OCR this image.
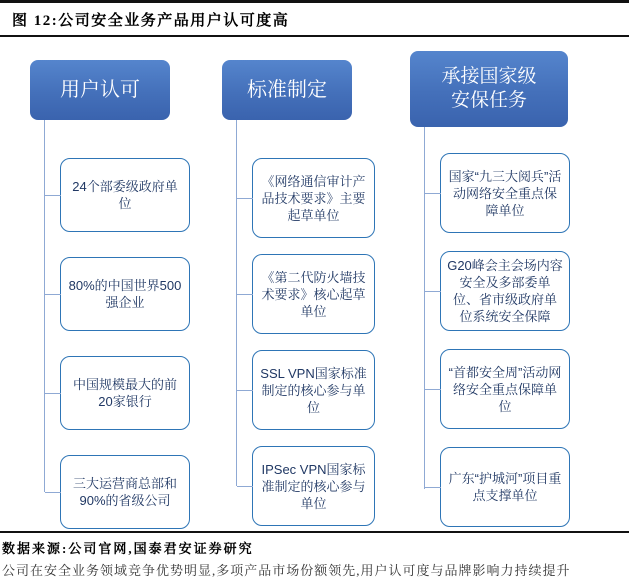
图 12:公司安全业务产品用户认可度高
用户认可
24个部委级政府单位
80%的中国世界500强企业
中国规模最大的前20家银行
三大运营商总部和90%的省级公司
标准制定
《网络通信审计产品技术要求》主要起草单位
《第二代防火墙技术要求》核心起草单位
SSL VPN国家标准制定的核心参与单位
IPSec VPN国家标准制定的核心参与单位
承接国家级
安保任务
国家“九三大阅兵”活动网络安全重点保障单位
G20峰会主会场内容安全及多部委单位、省市级政府单位系统安全保障
“首都安全周”活动网络安全重点保障单位
广东“护城河”项目重点支撑单位
数据来源:公司官网,国泰君安证券研究
公司在安全业务领域竞争优势明显,多项产品市场份额领先,用户认可度与品牌影响力持续提升
